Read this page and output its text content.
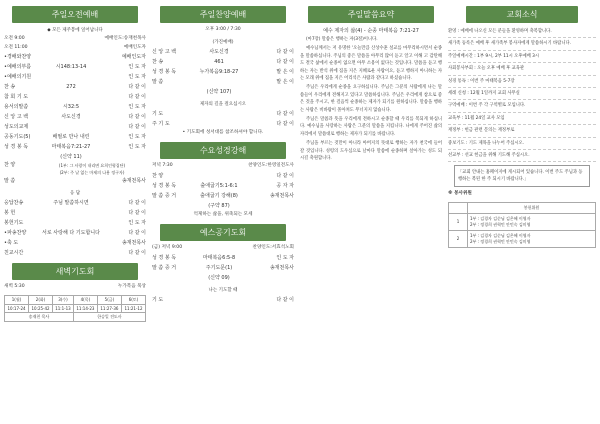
주일오전예배
◆ 모든 제주봉에 일어납니다
오전 9:00	예배인도:송재천목사
오전 11:00	예배인도자
•경배와찬양	예배인도자
•예배의부름	시148:13-14	인 도 자
•예배의기원	인 도 자
찬 송	272	다 같 이
참 회 기 도	다 같 이
용서의말씀	시32:5	인 도 자
신 앙 고 백	사도신경	다 같 이
성도의교제	다 같 이
공동기도(5)	배필로 만나 내린	인 도 자
성 경 봉 독	마태복음7:21-27	인 도 자
(신약 11)
찬 양	(1부: 그 사랑이 내리면 요희인형집단)
(2부: 주 날 없는 마제의 나용 정구자)
말 씀	송재천목사
응 답
응답찬송	주님 말씀하시면	다 같 이
봉 헌	다 같 이
봉헌기도	인 도 자
•파송찬양	서로 사랑해 다 기도합니다	다 같 이
•축 도	송재천목사
친교시간	다 같 이
새벽기도회
새벽 5:30	누가복음 묵상
1(월)	2(화)	3(수)	4(목)	5(금)	6(토)
10:17-24	10:25-42	11:1-13	11:14-23	11:27-36	11:21-12
송재천 목사			한승일 전도사		
주일찬양예배
오후 3:00 / 7:30
(가진예배)
신 앙 고 백	사도신경	다 같 이
찬 송	461	다 같 이
성 경 봉 독	누가복음9:18-27	말 은 이
말 씀	말 은 이
(신약 107)
제자의 길을 걸으십시오
기 도	다 같 이
주 기 도	다 같 이
• 기도회에 성서대를 참조하셔야 합니다.
수요성경강해
저녁 7:30	찬양인도:한영일전도사
찬 양	다 같 이
성 경 봉 독	출애굽기5:1-6:1	공 자 자
말 씀 증 거	출애굽기 강해(8)	송재천목사
(구약 87)
억제하는 삶을, 위축되는 모세
예스공기도회
(금) 저녁 9:00	찬양인도:서효석노회
성 경 봉 독	마태복음6:5-8	인 도 자
말 씀 증 거	주기도문(1)	송재천목사
(신약 09)
나는 기도할 때
기 도	다 같 이
주일말씀요약
예수 제자의 삶(4) - 순종 마태복음 7:21-27
(마7장) 말씀은 행하는 자(3절)이니다.
예수님께서는 저 유명한 '오늘만큼 산상수훈 설교를 마무리하시면서 순종을 말씀하십니다. 주님의 좋은 말씀을 아무리 많이 듣고 알고 이해 고 감탄해도 결국 삶에서 순종이 없으면 아무 소용이 없다는 것입니다. 말씀을 듣고 행하는 자는 반석 위에 집을 지은 지혜로운 사람이요, 듣고 행하지 아니하는 자는 모래 위에 집을 지은 어리석은 사람과 같다고 하셨습니다.
주님은 우리에게 순종을 요구하십니다. 주님은 그분의 사람에게 나는 말씀들이 우리에게 전해지고 있다고 말씀하십니다. 주님은 우리에게 참으로 좋은 것을 주시고, 한 걸음씩 순종하는 제자가 되기를 원하십니다. 말씀을 행하는 사람은 비바람이 몰아쳐도 무너지지 않습니다.
주님은 말씀과 뜻을 우리에게 전하시고 순종할 때 우리를 복되게 하십니다. 예수님을 사랑하는 사람은 그분의 말씀을 지킵니다. 나에게 주어진 삶의 자리에서 말씀대로 행하는 제자가 되기를 바랍니다.
주님을 부르는 것만이 아니라 아버지의 뜻대로 행하는 자가 천국에 들어갈 것입니다. 성령의 도우심으로 날마다 말씀에 순종하며 살아가는 성도 되시길 축원합니다.
교회소식
환영 : 예배에 나오신 모든 분들을 환영하며 축복합니다.
새가족 등록은 예배 후 새가족부 봉사자에게 말씀하시기 바랍니다.
주일예배시간 : 1부 9시, 2부 11시 오후예배 3시
사회봉사부회 : 오늘 오후 예배 후 교육관
성경 통독 : 이번 주 마태복음 5-7장
세례 신청 : 12월 1일까지 교회 사무실
구역예배 : 이번 주 각 구역별로 모입니다.
교육부 : 11월 24일 교사 모임
재정부 : 헌금 관련 문의는 재정부로
중보기도 : 기도 제목을 나누어 주십시오.
선교부 : 선교 헌금을 위해 기도해 주십시오.
「교회 안내는 홈페이지에 게시되어 있습니다. 이번 주도 주님과 동행하는 복된 한 주 되시기 바랍니다.」
※ 봉사위원
	봉헌위원
1	1부 : 김경자 김순님 김은혜 이영자
2부 : 정경희 권혁민 안민숙 김미영

2	1부 : 김경자 김순님 김은혜 이영자
2부 : 정경희 권혁민 안민숙 김미영
